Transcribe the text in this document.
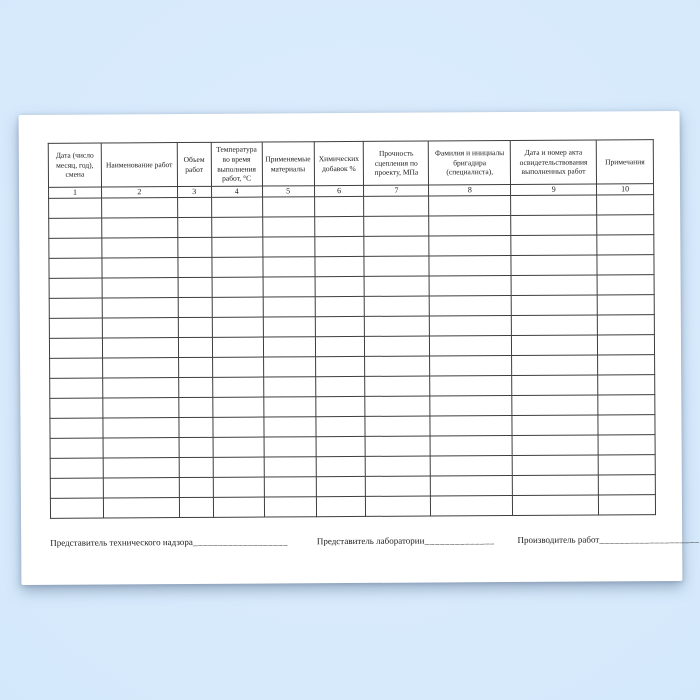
Дата (число месяц, год), смена	Наименование работ	Объем работ	Температура во время выполнения работ, °С	Применяемые материалы	Химических добавок %	Прочность сцепления по проекту, МПа	Фамилия и инициалы бригадира (специалиста),	Дата и номер акта освидетельствования выполненных работ	Примечания
1	2	3	4	5	6	7	8	9	10

Представитель технического надзора___________________	Представитель лаборатории______________	Производитель работ____________________
